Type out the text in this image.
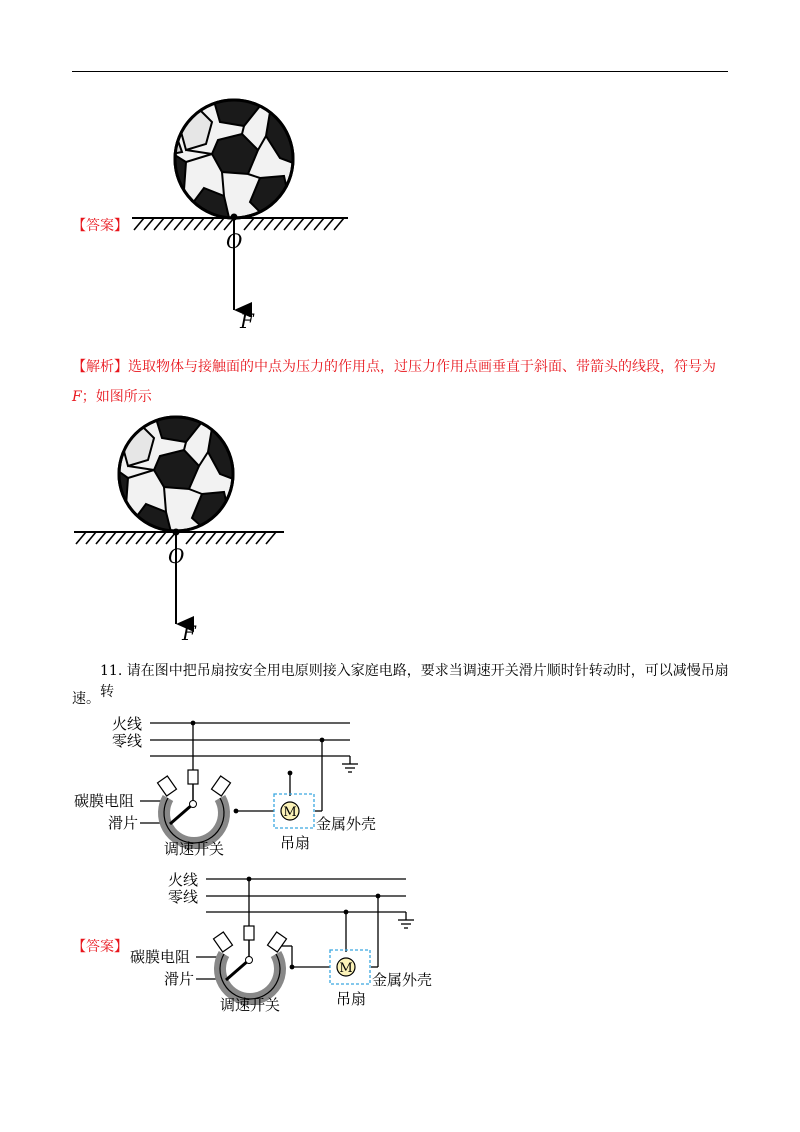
O
F
【答案】
【解析】选取物体与接触面的中点为压力的作用点，过压力作用点画垂直于斜面、带箭头的线段，符号为
F；如图所示
O
F
11. 请在图中把吊扇按安全用电原则接入家庭电路，要求当调速开关滑片顺时针转动时，可以减慢吊扇转
速。
M
火线
零线
碳膜电阻
滑片
调速开关	吊扇
金属外壳
【答案】
M
火线
零线
碳膜电阻
滑片
调速开关	吊扇
金属外壳
